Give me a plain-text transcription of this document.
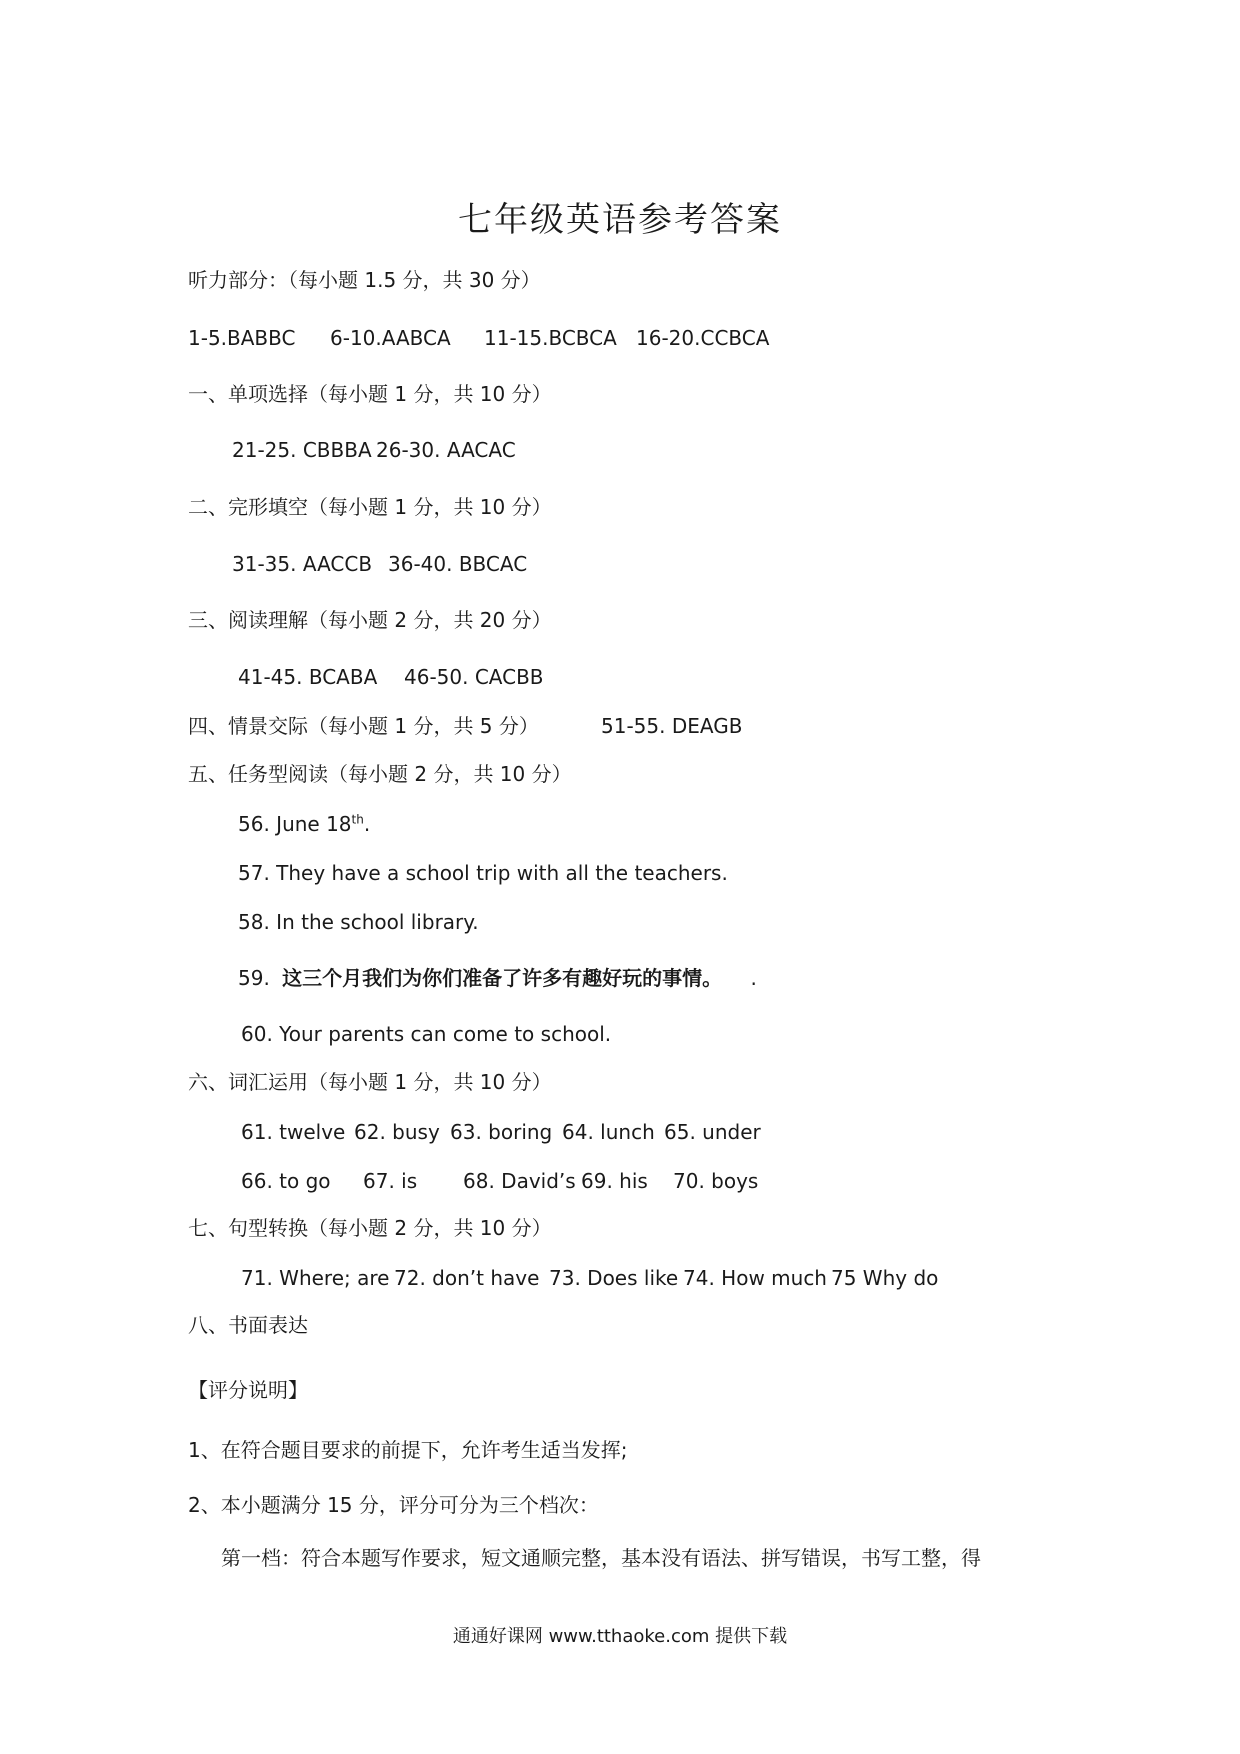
七年级英语参考答案
听力部分：（每小题 1.5 分，共 30 分）
1-5.BABBC 6-10.AABCA 11-15.BCBCA 16-20.CCBCA
一、单项选择（每小题 1 分，共 10 分）
21-25. CBBBA 26-30. AACAC
二、完形填空（每小题 1 分，共 10 分）
31-35. AACCB 36-40. BBCAC
三、阅读理解（每小题 2 分，共 20 分）
41-45. BCABA 46-50. CACBB
四、情景交际（每小题 1 分，共 5 分）	51-55. DEAGB
五、任务型阅读（每小题 2 分，共 10 分）
56. June 18th.
57. They have a school trip with all the teachers.
58. In the school library.
59. 这三个月我们为你们准备了许多有趣好玩的事情。 .
60. Your parents can come to school.
六、词汇运用（每小题 1 分，共 10 分）
61. twelve 62. busy 63. boring 64. lunch 65. under
66. to go 67. is 68. David’s 69. his 70. boys
七、句型转换（每小题 2 分，共 10 分）
71. Where; are 72. don’t have 73. Does like 74. How much 75 Why do
八、书面表达
【评分说明】
1、在符合题目要求的前提下，允许考生适当发挥;
2、本小题满分 15 分，评分可分为三个档次：
第一档：符合本题写作要求，短文通顺完整，基本没有语法、拼写错误，书写工整，得
通通好课网 www.tthaoke.com 提供下载
